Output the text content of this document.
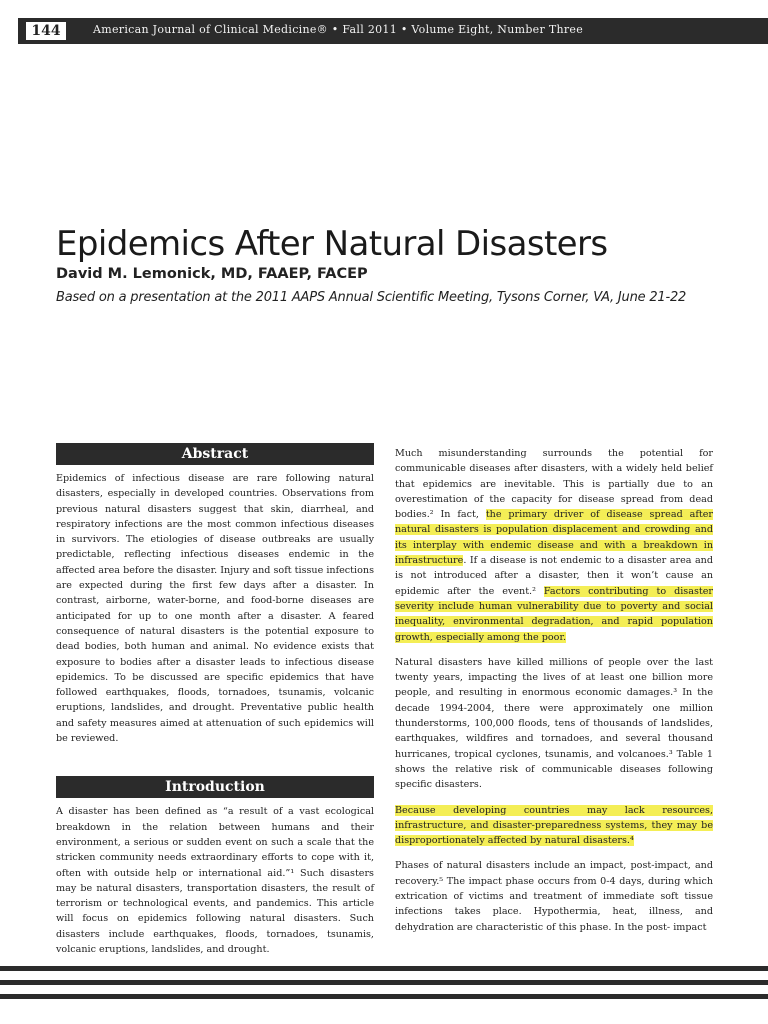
144	American Journal of Clinical Medicine® • Fall 2011 • Volume Eight, Number Three
Epidemics After Natural Disasters
David M. Lemonick, MD, FAAEP, FACEP
Based on a presentation at the 2011 AAPS Annual Scientific Meeting, Tysons Corner, VA, June 21-22
Abstract

Epidemics of infectious disease are rare following natural disasters, especially in developed countries. Observations from previous natural disasters suggest that skin, diarrheal, and respiratory infections are the most common infectious diseases in survivors. The etiologies of disease outbreaks are usually predictable, reflecting infectious diseases endemic in the affected area before the disaster. Injury and soft tissue infections are expected during the first few days after a disaster. In contrast, airborne, water-borne, and food-borne diseases are anticipated for up to one month after a disaster. A feared consequence of natural disasters is the potential exposure to dead bodies, both human and animal. No evidence exists that exposure to bodies after a disaster leads to infectious disease epidemics. To be discussed are specific epidemics that have followed earthquakes, floods, tornadoes, tsunamis, volcanic eruptions, landslides, and drought. Preventative public health and safety measures aimed at attenuation of such epidemics will be reviewed.

Introduction

A disaster has been defined as “a result of a vast ecological breakdown in the relation between humans and their environment, a serious or sudden event on such a scale that the stricken community needs extraordinary efforts to cope with it, often with outside help or international aid.”¹ Such disasters may be natural disasters, transportation disasters, the result of terrorism or technological events, and pandemics. This article will focus on epidemics following natural disasters. Such disasters include earthquakes, floods, tornadoes, tsunamis, volcanic eruptions, landslides, and drought.

Much misunderstanding surrounds the potential for communicable diseases after disasters, with a widely held belief that epidemics are inevitable. This is partially due to an overestimation of the capacity for disease spread from dead bodies.² In fact, the primary driver of disease spread after natural disasters is population displacement and crowding and its interplay with endemic disease and with a breakdown in infrastructure. If a disease is not endemic to a disaster area and is not introduced after a disaster, then it won’t cause an epidemic after the event.² Factors contributing to disaster severity include human vulnerability due to poverty and social inequality, environmental degradation, and rapid population growth, especially among the poor.

Natural disasters have killed millions of people over the last twenty years, impacting the lives of at least one billion more people, and resulting in enormous economic damages.³ In the decade 1994-2004, there were approximately one million thunderstorms, 100,000 floods, tens of thousands of landslides, earthquakes, wildfires and tornadoes, and several thousand hurricanes, tropical cyclones, tsunamis, and volcanoes.³ Table 1 shows the relative risk of communicable diseases following specific disasters.

Because developing countries may lack resources, infrastructure, and disaster-preparedness systems, they may be disproportionately affected by natural disasters.⁴

Phases of natural disasters include an impact, post-impact, and recovery.⁵ The impact phase occurs from 0-4 days, during which extrication of victims and treatment of immediate soft tissue infections takes place. Hypothermia, heat, illness, and dehydration are characteristic of this phase. In the post- impact
